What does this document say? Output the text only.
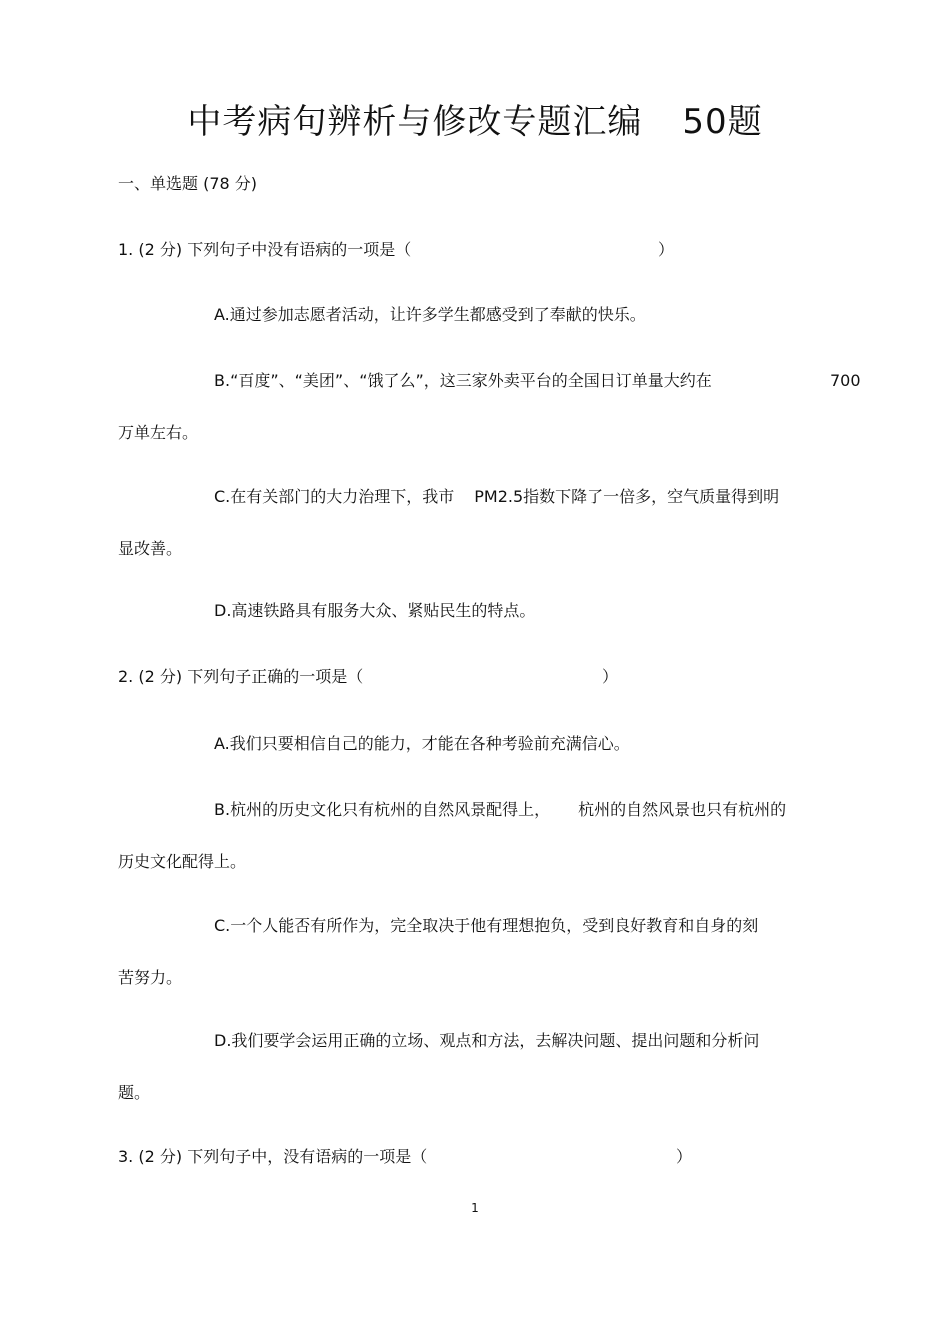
中考病句辨析与修改专题汇编 50题
一、单选题 (78 分)
1. (2 分) 下列句子中没有语病的一项是（	）
A.通过参加志愿者活动，让许多学生都感受到了奉献的快乐。
B.“百度”、“美团”、“饿了么”，这三家外卖平台的全国日订单量大约在	700
万单左右。
C.在有关部门的大力治理下，我市 PM2.5指数下降了一倍多，空气质量得到明
显改善。
D.高速铁路具有服务大众、紧贴民生的特点。
2. (2 分) 下列句子正确的一项是（	）
A.我们只要相信自己的能力，才能在各种考验前充满信心。
B.杭州的历史文化只有杭州的自然风景配得上， 杭州的自然风景也只有杭州的
历史文化配得上。
C.一个人能否有所作为，完全取决于他有理想抱负，受到良好教育和自身的刻
苦努力。
D.我们要学会运用正确的立场、观点和方法，去解决问题、提出问题和分析问
题。
3. (2 分) 下列句子中，没有语病的一项是（	）
1
